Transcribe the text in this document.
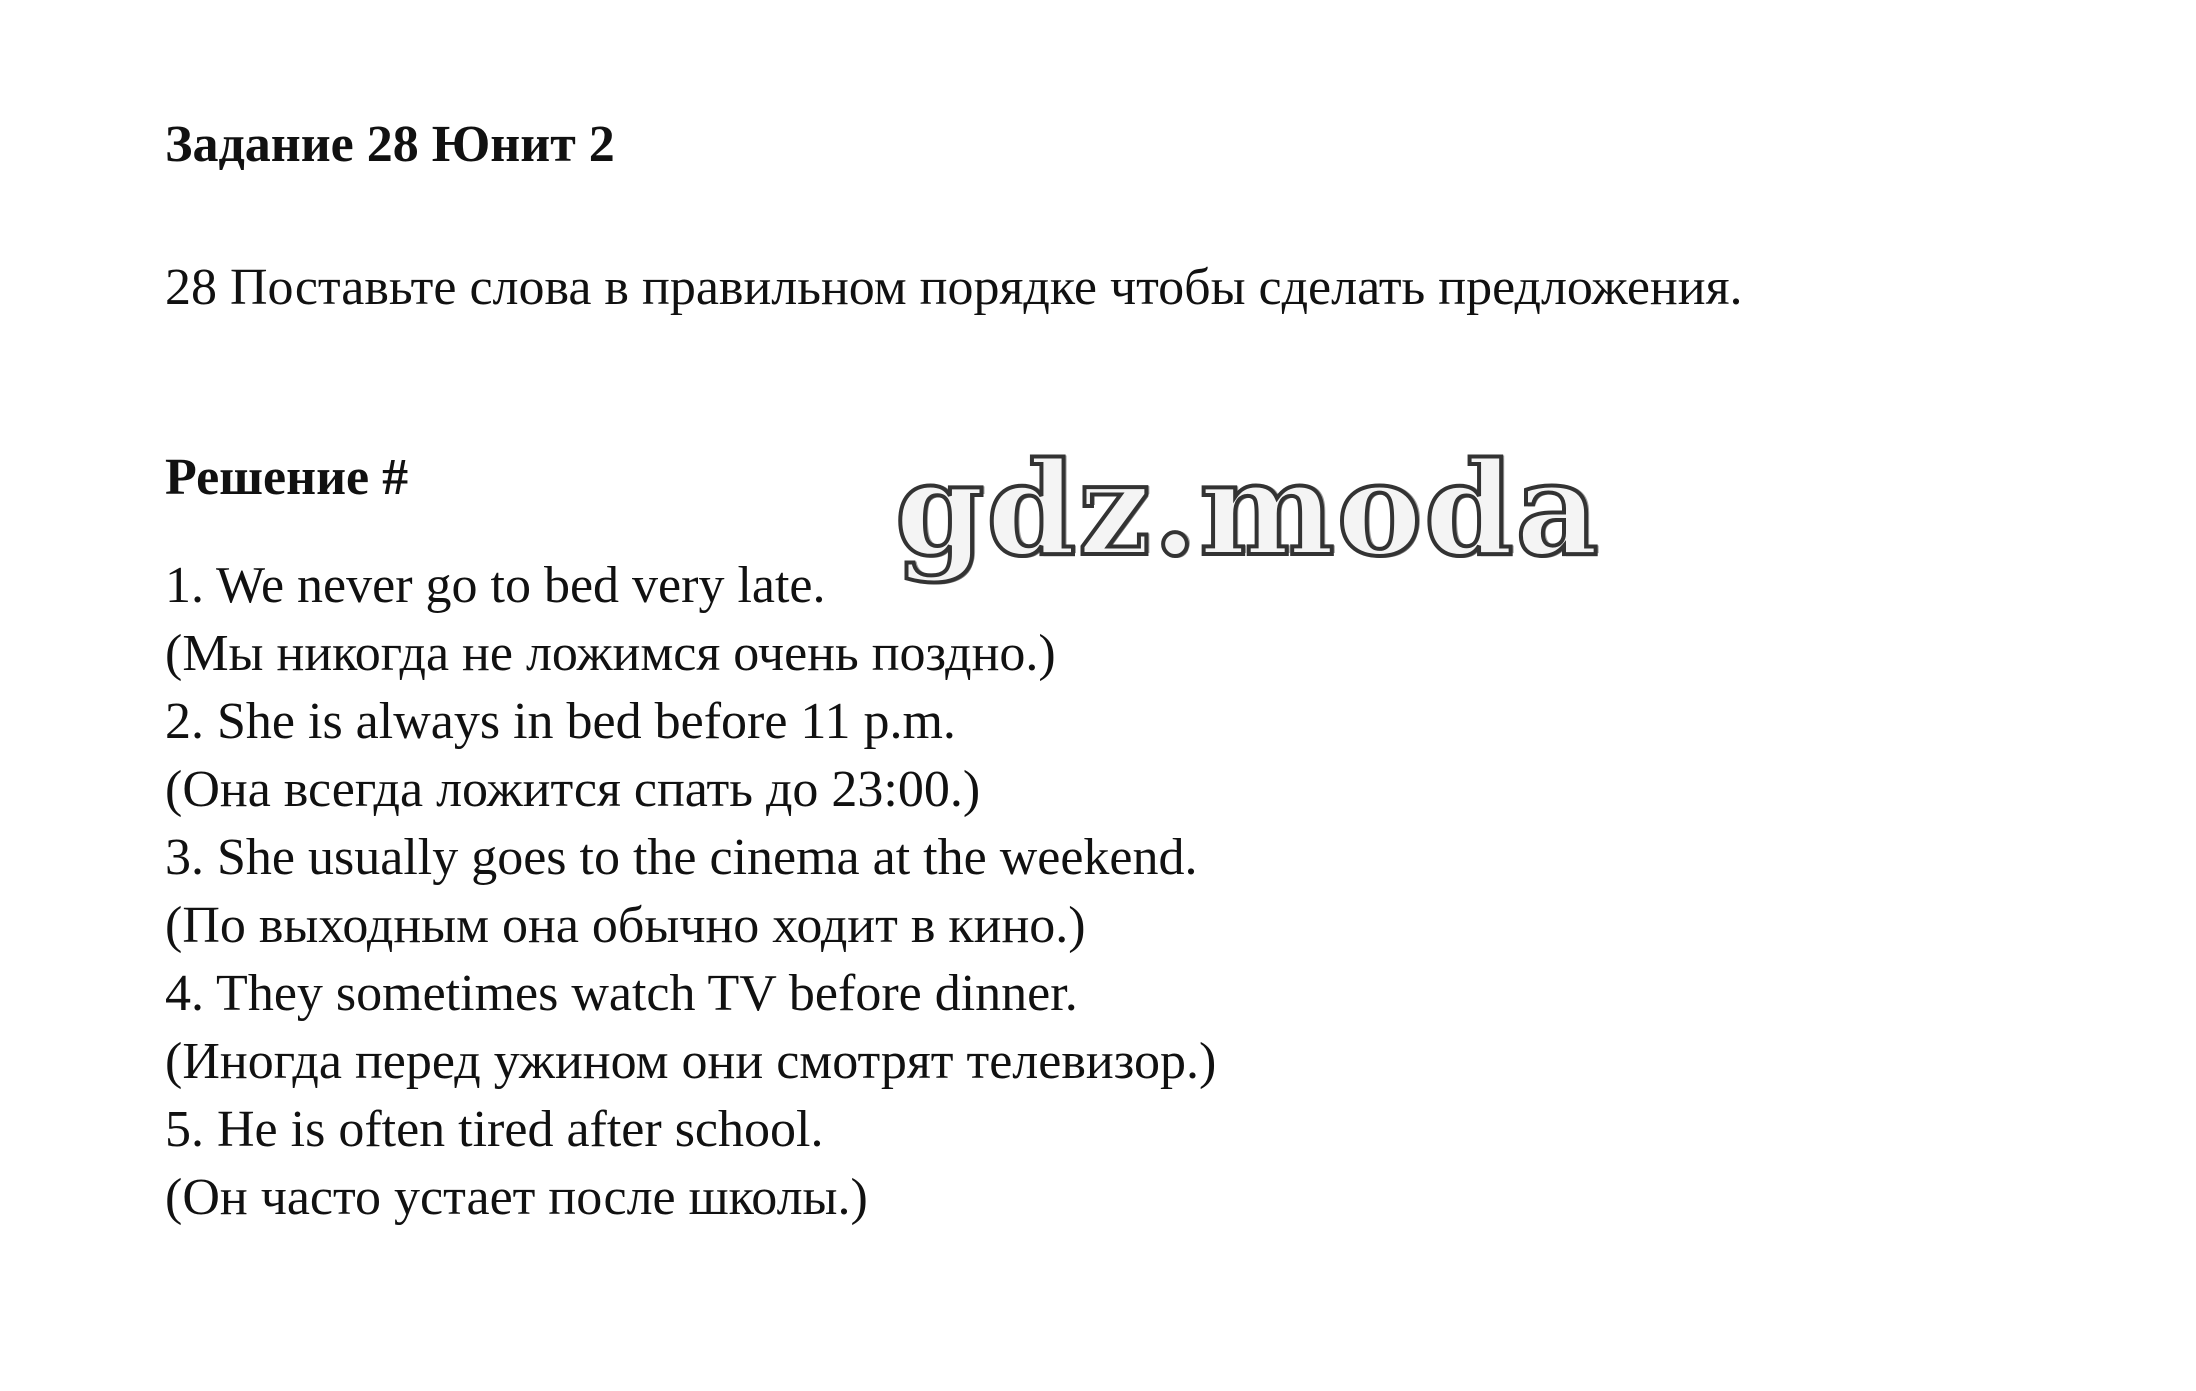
Задание 28 Юнит 2
28 Поставьте слова в правильном порядке чтобы сделать предложения.
Решение #
1. We never go to bed very late.
(Мы никогда не ложимся очень поздно.)
2. She is always in bed before 11 p.m.
(Она всегда ложится спать до 23:00.)
3. She usually goes to the cinema at the weekend.
(По выходным она обычно ходит в кино.)
4. They sometimes watch TV before dinner.
(Иногда перед ужином они смотрят телевизор.)
5. He is often tired after school.
(Он часто устает после школы.)
gdz.moda
